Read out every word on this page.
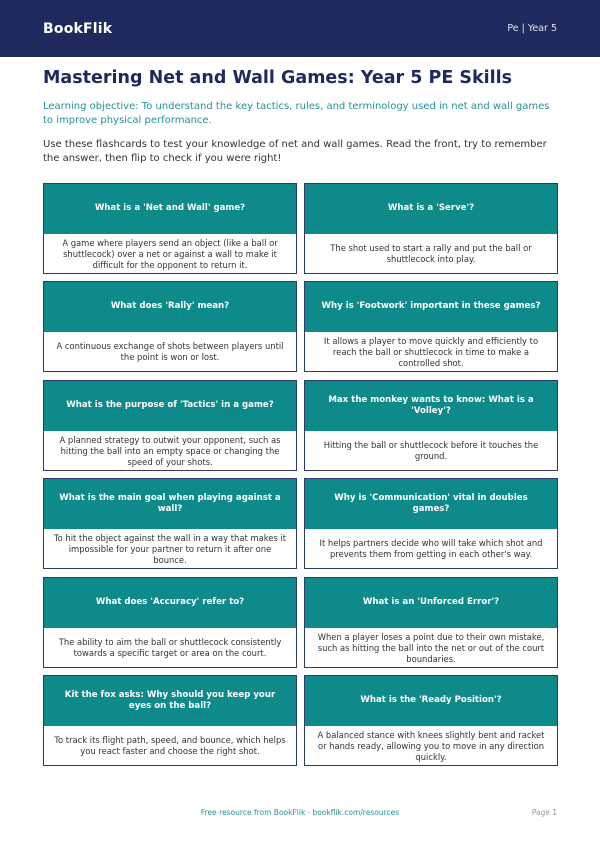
BookFlik	Pe | Year 5
Mastering Net and Wall Games: Year 5 PE Skills

Learning objective: To understand the key tactics, rules, and terminology used in net and wall games to improve physical performance.

Use these flashcards to test your knowledge of net and wall games. Read the front, try to remember the answer, then flip to check if you were right!

What is a 'Net and Wall' game?
A game where players send an object (like a ball or shuttlecock) over a net or against a wall to make it difficult for the opponent to return it.
What is a 'Serve'?
The shot used to start a rally and put the ball or shuttlecock into play.
What does 'Rally' mean?
A continuous exchange of shots between players until the point is won or lost.
Why is 'Footwork' important in these games?
It allows a player to move quickly and efficiently to reach the ball or shuttlecock in time to make a controlled shot.
What is the purpose of 'Tactics' in a game?
A planned strategy to outwit your opponent, such as hitting the ball into an empty space or changing the speed of your shots.
Max the monkey wants to know: What is a 'Volley'?
Hitting the ball or shuttlecock before it touches the ground.
What is the main goal when playing against a wall?
To hit the object against the wall in a way that makes it impossible for your partner to return it after one bounce.
Why is 'Communication' vital in doubles games?
It helps partners decide who will take which shot and prevents them from getting in each other's way.
What does 'Accuracy' refer to?
The ability to aim the ball or shuttlecock consistently towards a specific target or area on the court.
What is an 'Unforced Error'?
When a player loses a point due to their own mistake, such as hitting the ball into the net or out of the court boundaries.
Kit the fox asks: Why should you keep your eyes on the ball?
To track its flight path, speed, and bounce, which helps you react faster and choose the right shot.
What is the 'Ready Position'?
A balanced stance with knees slightly bent and racket or hands ready, allowing you to move in any direction quickly.
Free resource from BookFlik · bookflik.com/resources	Page 1
